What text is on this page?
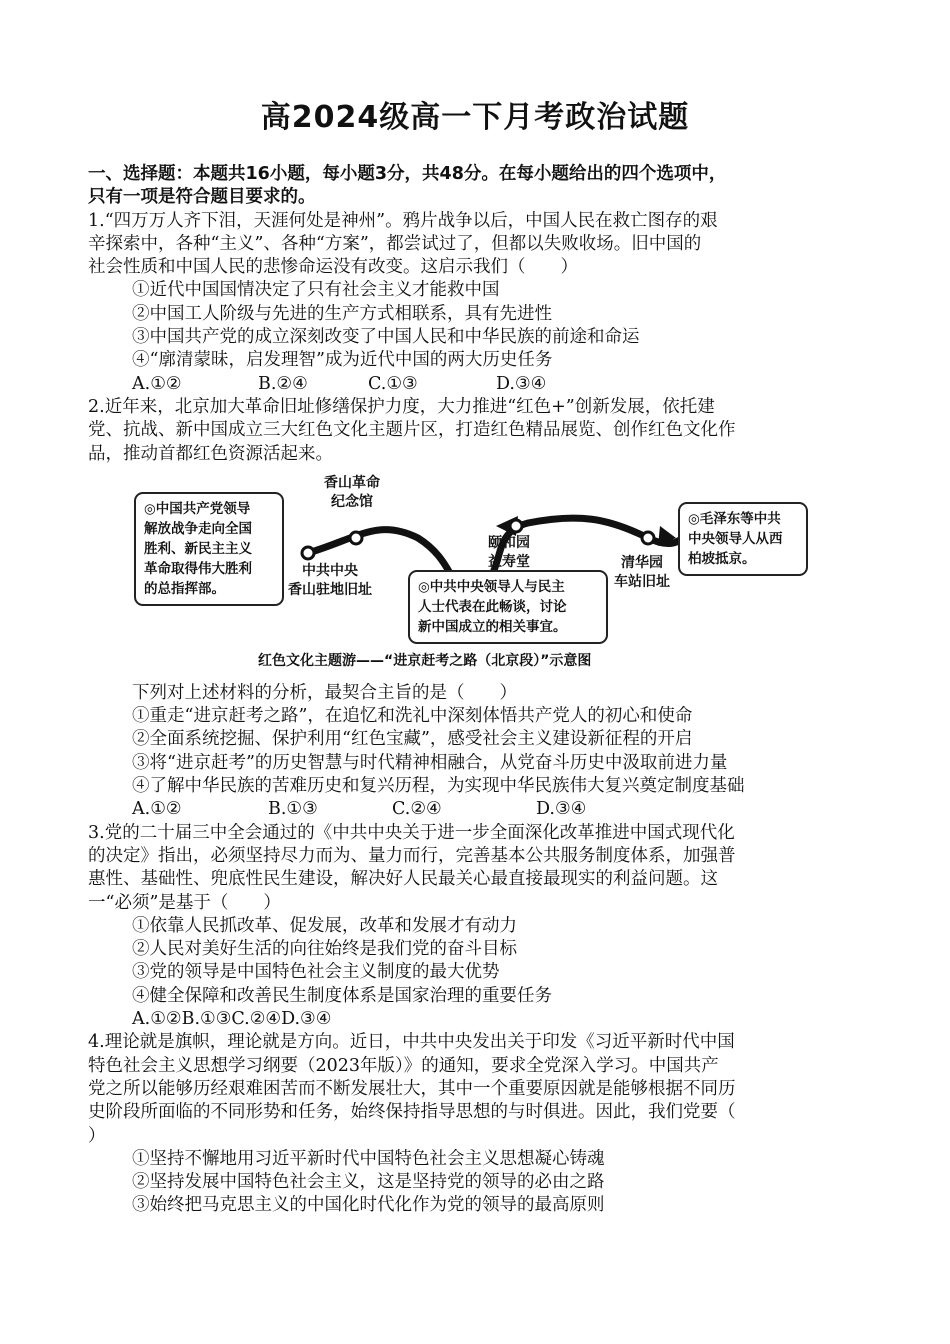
高2024级高一下月考政治试题
一、选择题：本题共16小题，每小题3分，共48分。在每小题给出的四个选项中，
只有一项是符合题目要求的。
1.“四万万人齐下泪，天涯何处是神州”。鸦片战争以后，中国人民在救亡图存的艰
辛探索中，各种“主义”、各种“方案”，都尝试过了，但都以失败收场。旧中国的
社会性质和中国人民的悲惨命运没有改变。这启示我们（　　）
①近代中国国情决定了只有社会主义才能救中国
②中国工人阶级与先进的生产方式相联系，具有先进性
③中国共产党的成立深刻改变了中国人民和中华民族的前途和命运
④“廓清蒙昧，启发理智”成为近代中国的两大历史任务
A.①②	B.②④	C.①③	D.③④
2.近年来，北京加大革命旧址修缮保护力度，大力推进“红色+”创新发展，依托建
党、抗战、新中国成立三大红色文化主题片区，打造红色精品展览、创作红色文化作
品，推动首都红色资源活起来。
◎中国共产党领导
解放战争走向全国
胜利、新民主主义
革命取得伟大胜利
的总指挥部。
◎毛泽东等中共
中央领导人从西
柏坡抵京。
◎中共中央领导人与民主
人士代表在此畅谈，讨论
新中国成立的相关事宜。
香山革命
纪念馆
中共中央
香山驻地旧址
颐和园
益寿堂	清华园
车站旧址
红色文化主题游——“进京赶考之路（北京段）”示意图
下列对上述材料的分析，最契合主旨的是（　　）
①重走“进京赶考之路”，在追忆和洗礼中深刻体悟共产党人的初心和使命
②全面系统挖掘、保护利用“红色宝藏”，感受社会主义建设新征程的开启
③将“进京赶考”的历史智慧与时代精神相融合，从党奋斗历史中汲取前进力量
④了解中华民族的苦难历史和复兴历程，为实现中华民族伟大复兴奠定制度基础
A.①②	B.①③	C.②④	D.③④
3.党的二十届三中全会通过的《中共中央关于进一步全面深化改革推进中国式现代化
的决定》指出，必须坚持尽力而为、量力而行，完善基本公共服务制度体系，加强普
惠性、基础性、兜底性民生建设，解决好人民最关心最直接最现实的利益问题。这
一“必须”是基于（　　）
①依靠人民抓改革、促发展，改革和发展才有动力
②人民对美好生活的向往始终是我们党的奋斗目标
③党的领导是中国特色社会主义制度的最大优势
④健全保障和改善民生制度体系是国家治理的重要任务
A.①②B.①③C.②④D.③④
4.理论就是旗帜，理论就是方向。近日，中共中央发出关于印发《习近平新时代中国
特色社会主义思想学习纲要（2023年版）》的通知，要求全党深入学习。中国共产
党之所以能够历经艰难困苦而不断发展壮大，其中一个重要原因就是能够根据不同历
史阶段所面临的不同形势和任务，始终保持指导思想的与时俱进。因此，我们党要（
）
①坚持不懈地用习近平新时代中国特色社会主义思想凝心铸魂
②坚持发展中国特色社会主义，这是坚持党的领导的必由之路
③始终把马克思主义的中国化时代化作为党的领导的最高原则
